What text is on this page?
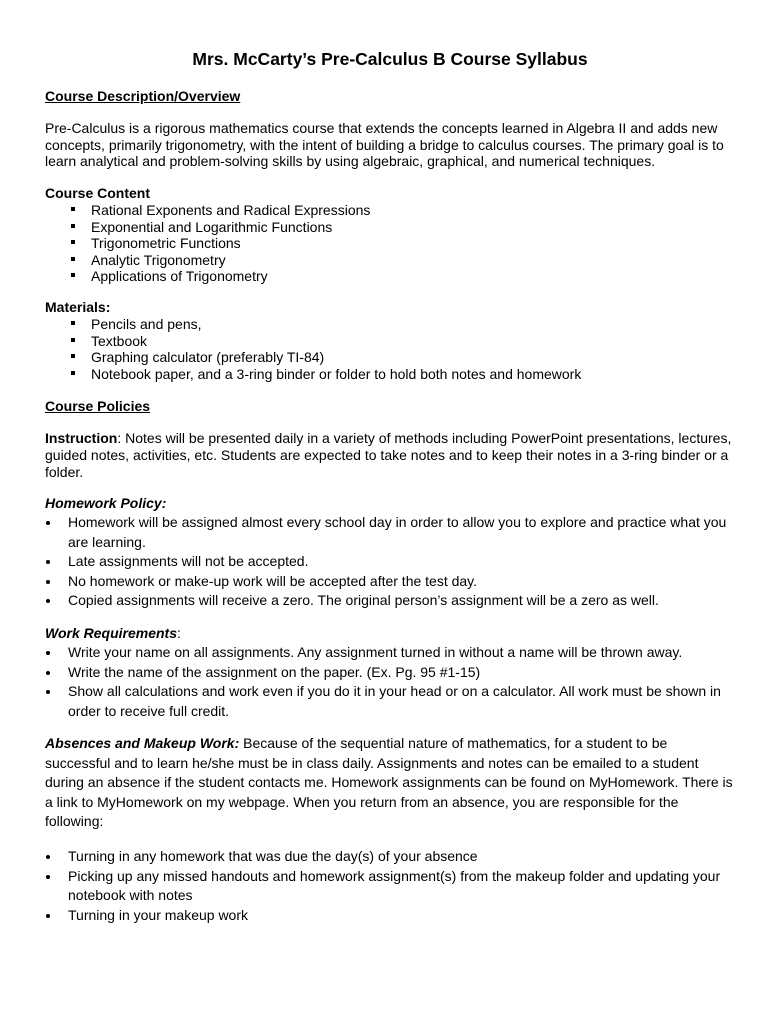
Mrs. McCarty’s Pre-Calculus B Course Syllabus
Course Description/Overview
Pre-Calculus is a rigorous mathematics course that extends the concepts learned in Algebra II and adds new concepts, primarily trigonometry, with the intent of building a bridge to calculus courses. The primary goal is to learn analytical and problem-solving skills by using algebraic, graphical, and numerical techniques.
Course Content
Rational Exponents and Radical Expressions
Exponential and Logarithmic Functions
Trigonometric Functions
Analytic Trigonometry
Applications of Trigonometry
Materials:
Pencils and pens,
Textbook
Graphing calculator (preferably TI-84)
Notebook paper, and a 3-ring binder or folder to hold both notes and homework
Course Policies
Instruction: Notes will be presented daily in a variety of methods including PowerPoint presentations, lectures, guided notes, activities, etc. Students are expected to take notes and to keep their notes in a 3-ring binder or a folder.
Homework Policy:
Homework will be assigned almost every school day in order to allow you to explore and practice what you are learning.
Late assignments will not be accepted.
No homework or make-up work will be accepted after the test day.
Copied assignments will receive a zero. The original person’s assignment will be a zero as well.
Work Requirements:
Write your name on all assignments. Any assignment turned in without a name will be thrown away.
Write the name of the assignment on the paper. (Ex. Pg. 95 #1-15)
Show all calculations and work even if you do it in your head or on a calculator. All work must be shown in order to receive full credit.
Absences and Makeup Work: Because of the sequential nature of mathematics, for a student to be successful and to learn he/she must be in class daily. Assignments and notes can be emailed to a student during an absence if the student contacts me. Homework assignments can be found on MyHomework. There is a link to MyHomework on my webpage. When you return from an absence, you are responsible for the following:
Turning in any homework that was due the day(s) of your absence
Picking up any missed handouts and homework assignment(s) from the makeup folder and updating your notebook with notes
Turning in your makeup work
